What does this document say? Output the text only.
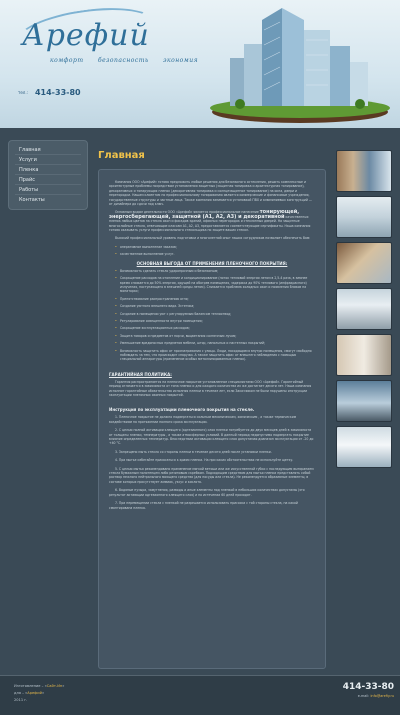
Арефий
комфорт безопасность экономия
тел.: 414-33-80
Главная
Услуги
Пленка
Прайс
Работы
Контакты
Главная

Компания ООО «Арефий» готова предложить любые решения для безопасного остекления, решить комплексные и архитектурные проблемы посредством установления защитных (защитная тонировка и архитектурная тонирование), декоративных и тонирующих пленок (декоративная тонировка и солнцезащитное тонирование) на окна, двери и перегородки. Нашим клиентом по профессиональному тонированию является коммерческие и финансовые учреждения, государственные структуры и частные лица. Также компания занимается установкой ПВХ и алюминиевых конструкций — от дизайнера до сдачи под ключ.

Основным видом деятельности ООО «Арефий» является профессиональное нанесение тонирующей, энергосберегающей, защитной (A1, A2, A3) и декоративной качественных пленок любых цветов на стекла окон и фасадов зданий, офисных перегородок и стеклянных дверей. На защитные многослойные стекла, отвечающие классам A1, A2, A3, предоставляется соответствующие сертификаты. Наша компания готова оказывать услуги профессионального стекольщика по защите ваших стекол.

Высокий профессиональный уровень подготовки и многолетний опыт наших сотрудников позволяет обеспечить Вам:

• оперативное выполнение заказов;
• качественное выполнение услуг.
ОСНОВНАЯ ВЫГОДА ОТ ПРИМЕНЕНИЯ ПЛЕНОЧНОГО ПОКРЫТИЯ:
• Возможность сделать стекло ударопрочным и безопасным;
• Сокращение расходов на отопление и кондиционирование (поток тепловой энергии летом в 2,5-4 раза, в зимнее время снижается до 50% энергии, идущей на обогрев помещения, задержка до 90% теплового (инфракрасного) излучения, поступающего в внешней среды летом). Снижается проблема холодных окон и появления бликов на мониторах;
• Препятствование распространению огня;
• Создание уютного внешнего вида. Эстетика;
• Создание в помещении уют с регулируемым балансом теплоотвод;
• Регулирование освещенности внутри помещения;
• Сокращение эксплуатационных расходов;
• Защита товаров и предметов от порчи, выцветания солнечным лучом;
• Уменьшение вредоносных предметов мебели, штор, напольных и настенных покрытий;
• Возможность защитить офис от просматривания с улицы. Люди, находящиеся внутри помещения, смогут свободно наблюдать за тем, что происходит снаружи. А также защитить офис от внешнего наблюдения с помощью специальной аппаратуры (применение особых металлизированных пленок).
ГАРАНТИЙНАЯ ПОЛИТИКА:

Гарантия распространяется на пленочное покрытие установленное специалистами ООО «Арефий». Гарантийный период отличается в зависимости от типа пленки и для каждого количества их же достигает десяти лет. Наша компания исполнит гарантийные обязательства исполняя пленки в течение лет, если Заказчиком не были нарушены инструкции эксплуатации пленочных оконных покрытий.

Инструкция по эксплуатации пленочного покрытия на стекле.

1. Пленочное покрытие не должно подвергаться сильным механическим, химическим , а также термическим воздействиям на протяжении полного срока эксплуатации.

2. С целью полной активации клеящего (адгезионного) слоя пленки потребуется до двух месяцев дней в зависимости от толщины пленки, температуры , а также атмосферных условий. В данный период недопустимо подвергать покрытие влияние определенных температур. Впоследствии активации клеящего слоя допустимая диапазон эксплуатации от -20 до +40 °С.

3. Запрещено мыть стекло со стороны пленки в течение десяти дней после установки пленки.

4. При мытье избегайте прикасаться к краям пленки. На при каких обстоятельствах не используйте щетку.

5. С целью мытья рекомендовано применение мягкой ветоши или же искусственной губки с последующим вытиранием стекла бумажным полотенцем либо резиновым скребком. Подходящим средством для мытья пленки представлять собой раствор нежного нейтрального моющего средства (для посуды или стекла). Не рекомендуется абразивные элементы, в составе которых присутствует аммиак, уксус и кислота.

6. Водяные пузыри, замутнения, разводы и иные элементы под пленкой в небольших количествах допустимы (это результат активации адгезионного клеящего слоя) и по истечении 60 дней проходят.

7. При перемещении стекла с пленкой не разрешается использовать присоски с той стороны стекла, на какой смонтирована пленка.

Изготовление – «Сайт-Ин»
для – «Арефий»
2011 г.
414-33-80
e-mail: info@arefiy.ru
